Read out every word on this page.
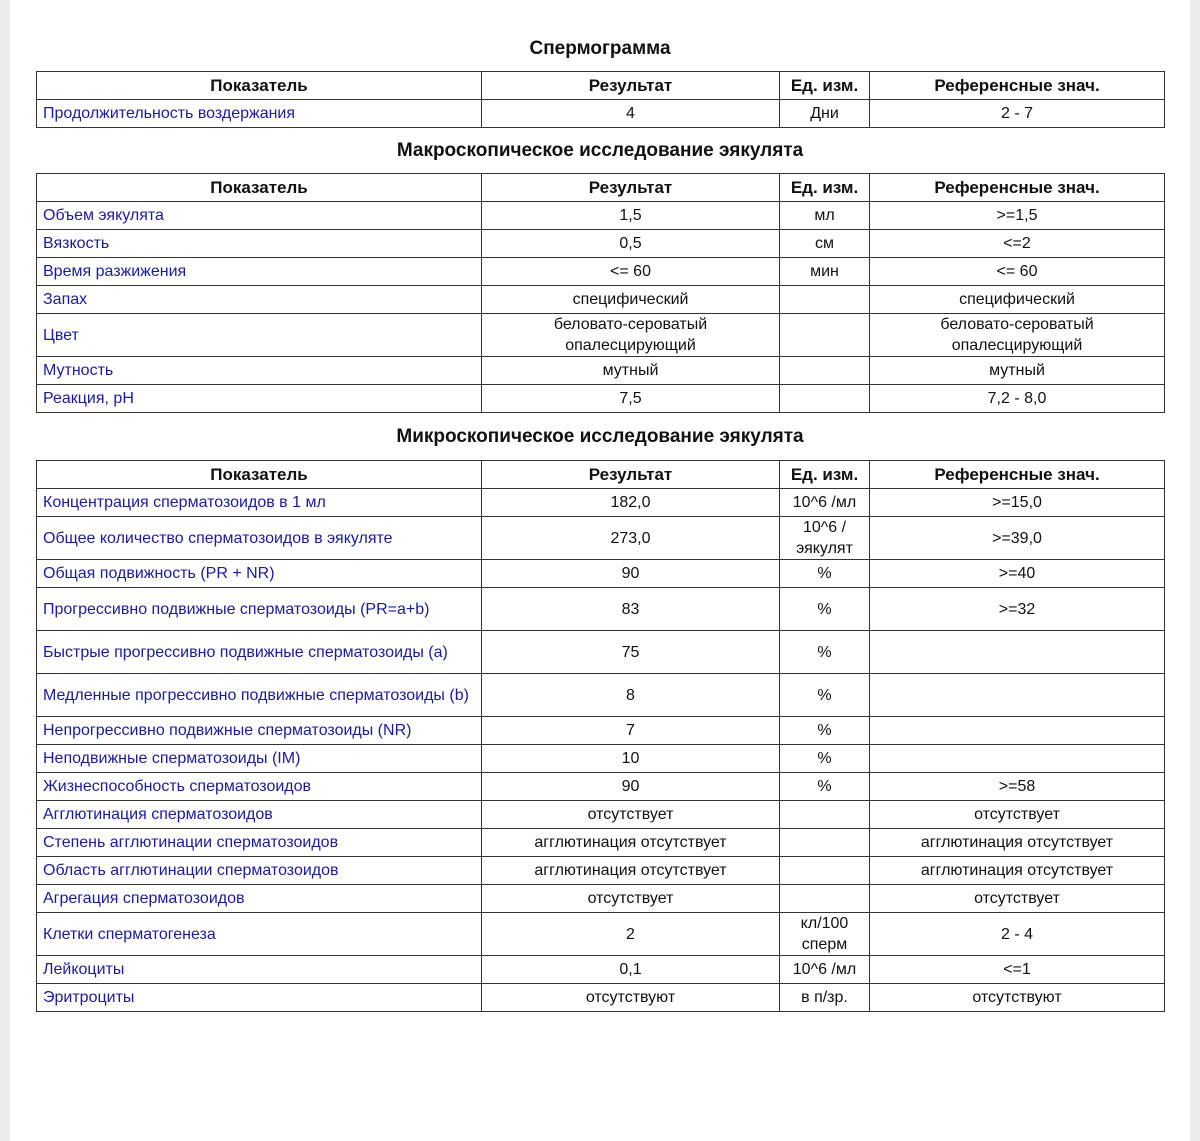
Спермограмма
Показатель	Результат	Ед. изм.	Референсные знач.
Продолжительность воздержания	4	Дни	2 - 7
Макроскопическое исследование эякулята
Показатель	Результат	Ед. изм.	Референсные знач.
Объем эякулята	1,5	мл	>=1,5
Вязкость	0,5	см	<=2
Время разжижения	<= 60	мин	<= 60
Запах	специфический		специфический
Цвет	беловато-сероватый опалесцирующий		беловато-сероватый опалесцирующий
Мутность	мутный		мутный
Реакция, pH	7,5		7,2 - 8,0
Микроскопическое исследование эякулята
Показатель	Результат	Ед. изм.	Референсные знач.
Концентрация сперматозоидов в 1 мл	182,0	10^6 /мл	>=15,0
Общее количество сперматозоидов в эякуляте	273,0	10^6 /эякулят	>=39,0
Общая подвижность (PR + NR)	90	%	>=40
Прогрессивно подвижные сперматозоиды (PR=a+b)	83	%	>=32
Быстрые прогрессивно подвижные сперматозоиды (a)	75	%	
Медленные прогрессивно подвижные сперматозоиды (b)	8	%	
Непрогрессивно подвижные сперматозоиды (NR)	7	%	
Неподвижные сперматозоиды (IM)	10	%	
Жизнеспособность сперматозоидов	90	%	>=58
Агглютинация сперматозоидов	отсутствует		отсутствует
Степень агглютинации сперматозоидов	агглютинация отсутствует		агглютинация отсутствует
Область агглютинации сперматозоидов	агглютинация отсутствует		агглютинация отсутствует
Агрегация сперматозоидов	отсутствует		отсутствует
Клетки сперматогенеза	2	кл/100 сперм	2 - 4
Лейкоциты	0,1	10^6 /мл	<=1
Эритроциты	отсутствуют	в п/зр.	отсутствуют
